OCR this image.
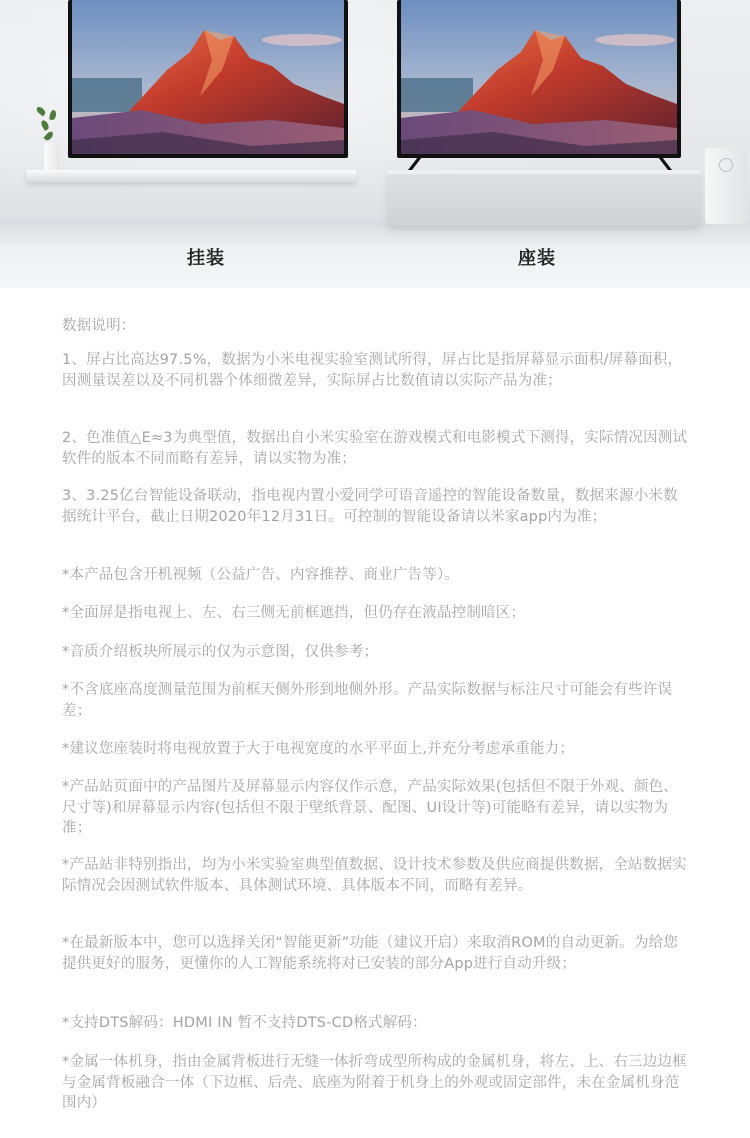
挂装	座装

数据说明：

1、屏占比高达97.5%，数据为小米电视实验室测试所得，屏占比是指屏幕显示面积/屏幕面积，因测量误差以及不同机器个体细微差异，实际屏占比数值请以实际产品为准；

2、色准值△E≈3为典型值，数据出自小米实验室在游戏模式和电影模式下测得，实际情况因测试软件的版本不同而略有差异，请以实物为准；

3、3.25亿台智能设备联动，指电视内置小爱同学可语音遥控的智能设备数量，数据来源小米数据统计平台，截止日期2020年12月31日。可控制的智能设备请以米家app内为准；

*本产品包含开机视频（公益广告、内容推荐、商业广告等）。

*全面屏是指电视上、左、右三侧无前框遮挡，但仍存在液晶控制暗区；

*音质介绍板块所展示的仅为示意图，仅供参考；

*不含底座高度测量范围为前框天侧外形到地侧外形。产品实际数据与标注尺寸可能会有些许误差；

*建议您座装时将电视放置于大于电视宽度的水平平面上,并充分考虑承重能力；

*产品站页面中的产品图片及屏幕显示内容仅作示意，产品实际效果(包括但不限于外观、颜色、尺寸等)和屏幕显示内容(包括但不限于壁纸背景、配图、UI设计等)可能略有差异，请以实物为准；

*产品站非特别指出，均为小米实验室典型值数据、设计技术参数及供应商提供数据，全站数据实际情况会因测试软件版本、具体测试环境、具体版本不同，而略有差异。

*在最新版本中，您可以选择关闭“智能更新”功能（建议开启）来取消ROM的自动更新。为给您提供更好的服务，更懂你的人工智能系统将对已安装的部分App进行自动升级；

*支持DTS解码：HDMI IN 暂不支持DTS-CD格式解码：

*金属一体机身，指由金属背板进行无缝一体折弯成型所构成的金属机身，将左、上、右三边边框与金属背板融合一体（下边框、后壳、底座为附着于机身上的外观或固定部件，未在金属机身范围内）
